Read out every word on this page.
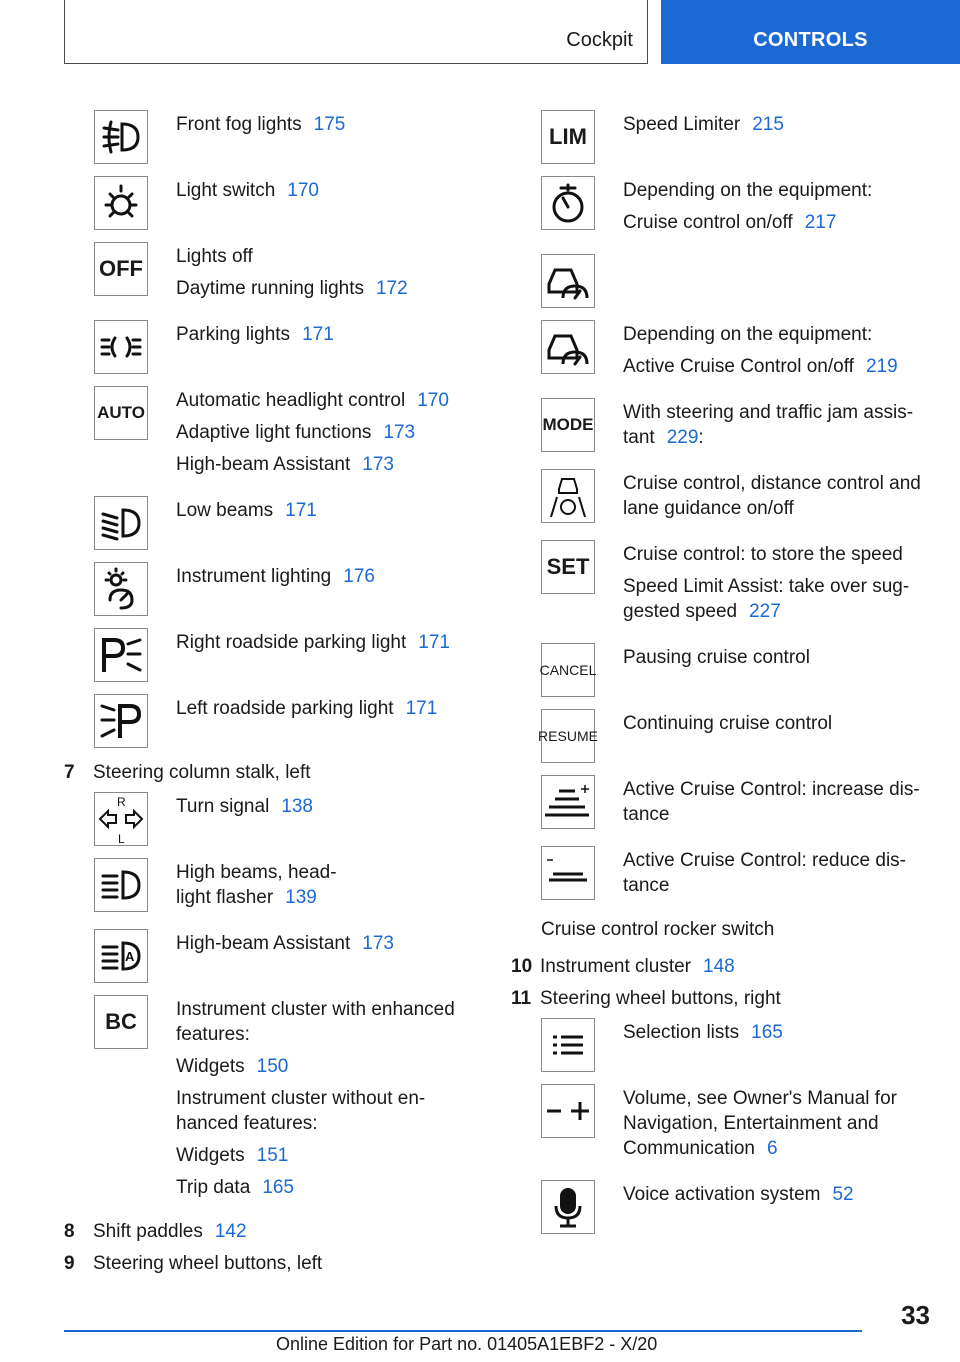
Cockpit	CONTROLS
Front fog lights 175
Light switch 170
OFF Lights off
Daytime running lights 172
Parking lights 171
AUTO
Automatic headlight control 170
Adaptive light functions 173
High-beam Assistant 173
Low beams 171
Instrument lighting 176
Right roadside parking light 171
Left roadside parking light 171
7 Steering column stalk, left
R
L
Turn signal 138
High beams, head-
light flasher 139
A
High-beam Assistant 173
BC Instrument cluster with enhanced features:
Widgets 150
Instrument cluster without en-
hanced features:
Widgets 151
Trip data 165
8 Shift paddles 142
9 Steering wheel buttons, left
LIM Speed Limiter 215
Depending on the equipment:
Cruise control on/off 217
Depending on the equipment:
Active Cruise Control on/off 219
MODE
With steering and traffic jam assis-
tant 229:
Cruise control, distance control and
lane guidance on/off
SET Cruise control: to store the speed
Speed Limit Assist: take over sug-
gested speed 227
CANCEL
Pausing cruise control
RESUME
Continuing cruise control
Active Cruise Control: increase dis-
tance
Active Cruise Control: reduce dis-
tance
Cruise control rocker switch
10 Instrument cluster 148
11 Steering wheel buttons, right
Selection lists 165
Volume, see Owner's Manual for
Navigation, Entertainment and
Communication 6
Voice activation system 52
33
Online Edition for Part no. 01405A1EBF2 - X/20
